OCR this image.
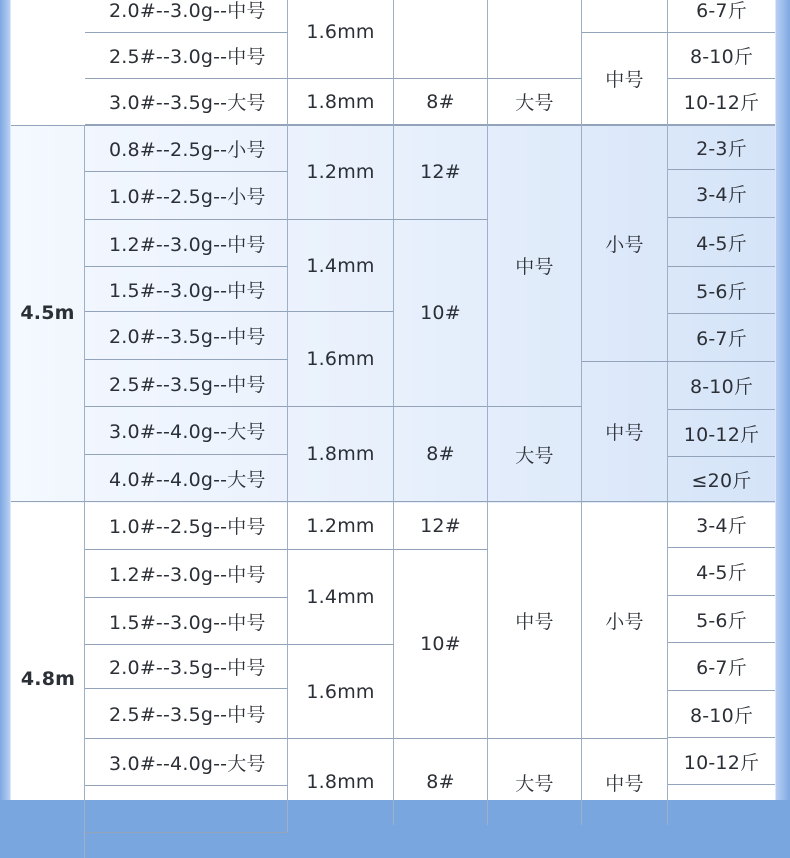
2.0#--3.0g--中号
2.5#--3.0g--中号
3.0#--3.5g--大号
1.6mm
1.8mm	8#	大号
中号
6-7斤
8-10斤
10-12斤
4.5m
0.8#--2.5g--小号
1.0#--2.5g--小号
1.2#--3.0g--中号
1.5#--3.0g--中号
2.0#--3.5g--中号
2.5#--3.5g--中号
3.0#--4.0g--大号
4.0#--4.0g--大号
1.2mm
1.4mm
1.6mm
1.8mm
12#
10#
8#
中号
大号
小号
中号
2-3斤
3-4斤
4-5斤
5-6斤
6-7斤
8-10斤
10-12斤
≤20斤
4.8m
1.0#--2.5g--中号
1.2#--3.0g--中号
1.5#--3.0g--中号
2.0#--3.5g--中号
2.5#--3.5g--中号
3.0#--4.0g--大号
1.2mm
1.4mm
1.6mm
1.8mm
12#
10#
8#
中号
大号
小号
中号
3-4斤
4-5斤
5-6斤
6-7斤
8-10斤
10-12斤
